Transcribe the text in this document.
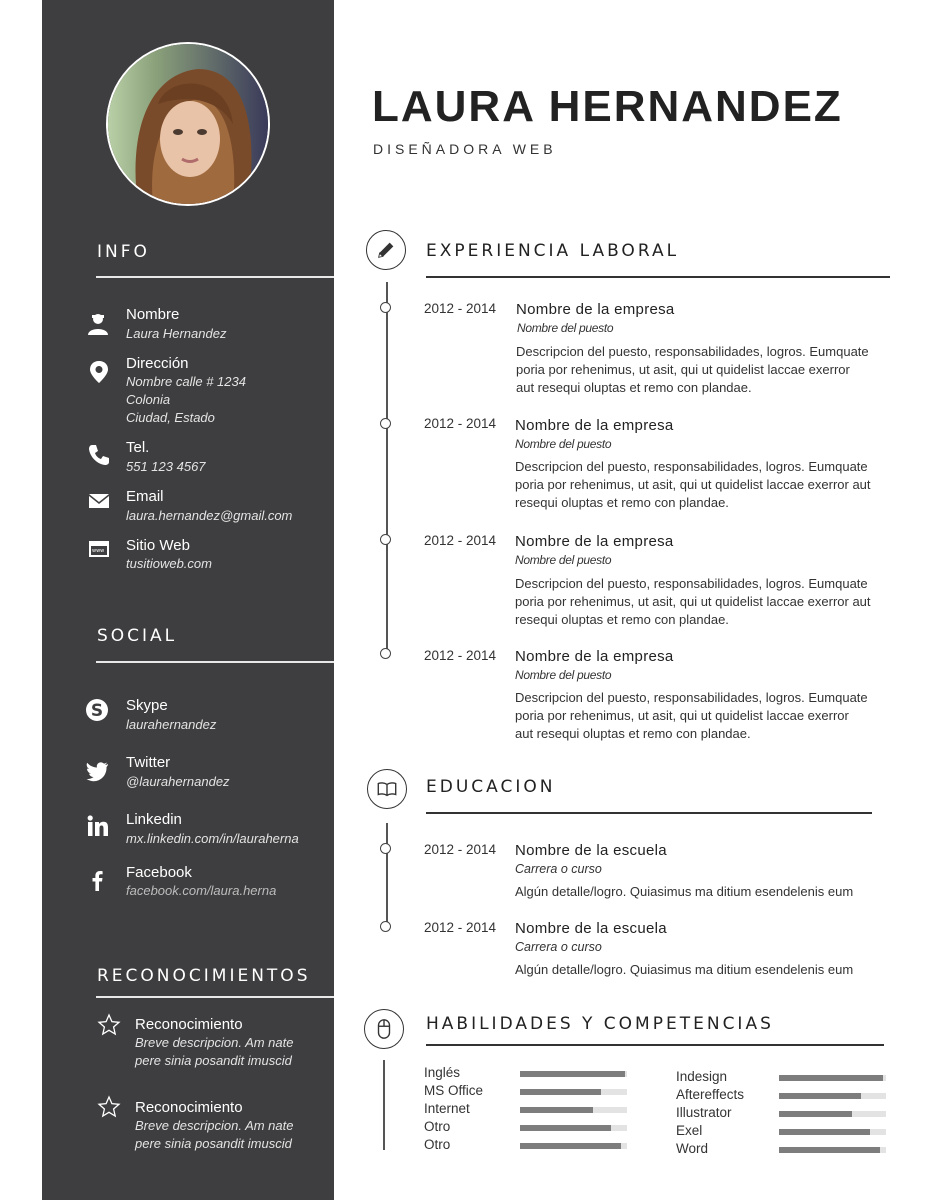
INFO
Nombre
Laura Hernandez
Dirección
Nombre calle # 1234
Colonia
Ciudad, Estado
Tel.
551 123 4567
Email
laura.hernandez@gmail.com
www Sitio Web
tusitioweb.com
SOCIAL
S Skype
laurahernandez
Twitter
@laurahernandez
Linkedin
mx.linkedin.com/in/lauraherna
Facebook
facebook.com/laura.herna
RECONOCIMIENTOS
Reconocimiento
Breve descripcion. Am nate
pere sinia posandit imuscid
Reconocimiento
Breve descripcion. Am nate
pere sinia posandit imuscid
LAURA HERNANDEZ
DISEÑADORA WEB
EXPERIENCIA LABORAL
2012 - 2014 Nombre de la empresa
Nombre del puesto
Descripcion del puesto, responsabilidades, logros. Eumquate
poria por rehenimus, ut asit, qui ut quidelist laccae exerror
aut resequi oluptas et remo con plandae.
2012 - 2014 Nombre de la empresa
Nombre del puesto
Descripcion del puesto, responsabilidades, logros. Eumquate
poria por rehenimus, ut asit, qui ut quidelist laccae exerror aut
resequi oluptas et remo con plandae.
2012 - 2014 Nombre de la empresa
Nombre del puesto
Descripcion del puesto, responsabilidades, logros. Eumquate
poria por rehenimus, ut asit, qui ut quidelist laccae exerror aut
resequi oluptas et remo con plandae.
2012 - 2014 Nombre de la empresa
Nombre del puesto
Descripcion del puesto, responsabilidades, logros. Eumquate
poria por rehenimus, ut asit, qui ut quidelist laccae exerror
aut resequi oluptas et remo con plandae.
EDUCACION
2012 - 2014 Nombre de la escuela
Carrera o curso
Algún detalle/logro. Quiasimus ma ditium esendelenis eum
2012 - 2014 Nombre de la escuela
Carrera o curso
Algún detalle/logro. Quiasimus ma ditium esendelenis eum
HABILIDADES Y COMPETENCIAS
Inglés
MS Office
Internet
Otro
Otro
Indesign
Aftereffects
Illustrator
Exel
Word
